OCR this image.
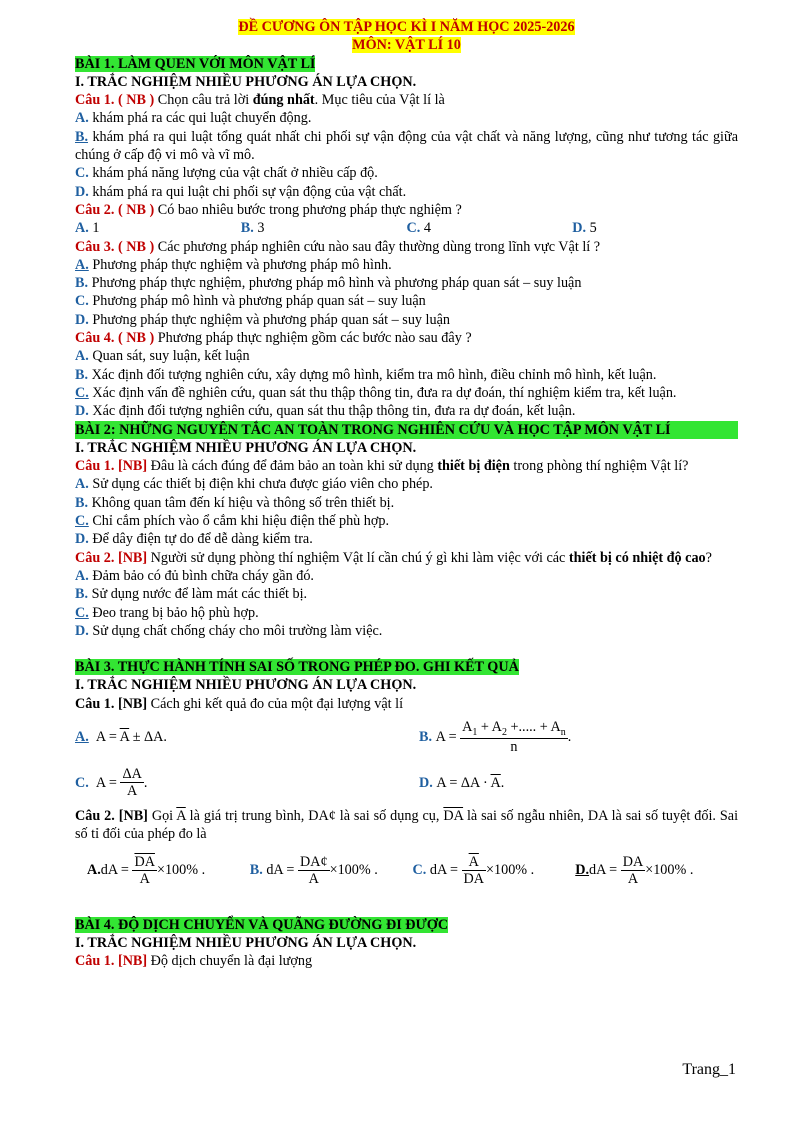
ĐỀ CƯƠNG ÔN TẬP HỌC KÌ I NĂM HỌC 2025-2026
MÔN: VẬT LÍ 10
BÀI 1. LÀM QUEN VỚI MÔN VẬT LÍ
I. TRẮC NGHIỆM NHIỀU PHƯƠNG ÁN LỰA CHỌN.
Câu 1. ( NB ) Chọn câu trả lời đúng nhất. Mục tiêu của Vật lí là
A. khám phá ra các qui luật chuyển động.
B. khám phá ra qui luật tổng quát nhất chi phối sự vận động của vật chất và năng lượng, cũng như tương tác giữa chúng ở cấp độ vi mô và vĩ mô.
C. khám phá năng lượng của vật chất ở nhiều cấp độ.
D. khám phá ra qui luật chi phối sự vận động của vật chất.
Câu 2. ( NB ) Có bao nhiêu bước trong phương pháp thực nghiệm ?
A. 1	B. 3	C. 4	D. 5
Câu 3. ( NB ) Các phương pháp nghiên cứu nào sau đây thường dùng trong lĩnh vực Vật lí ?
A. Phương pháp thực nghiệm và phương pháp mô hình.
B. Phương pháp thực nghiệm, phương pháp mô hình và phương pháp quan sát – suy luận
C. Phương pháp mô hình và phương pháp quan sát – suy luận
D. Phương pháp thực nghiệm và phương pháp quan sát – suy luận
Câu 4. ( NB ) Phương pháp thực nghiệm gồm các bước nào sau đây ?
A. Quan sát, suy luận, kết luận
B. Xác định đối tượng nghiên cứu, xây dựng mô hình, kiểm tra mô hình, điều chỉnh mô hình, kết luận.
C. Xác định vấn đề nghiên cứu, quan sát thu thập thông tin, đưa ra dự đoán, thí nghiệm kiểm tra, kết luận.
D. Xác định đối tượng nghiên cứu, quan sát thu thập thông tin, đưa ra dự đoán, kết luận.
BÀI 2: NHỮNG NGUYÊN TẮC AN TOÀN TRONG NGHIÊN CỨU VÀ HỌC TẬP MÔN VẬT LÍ
I. TRẮC NGHIỆM NHIỀU PHƯƠNG ÁN LỰA CHỌN.
Câu 1. [NB] Đâu là cách đúng để đảm bảo an toàn khi sử dụng thiết bị điện trong phòng thí nghiệm Vật lí?
A. Sử dụng các thiết bị điện khi chưa được giáo viên cho phép.
B. Không quan tâm đến kí hiệu và thông số trên thiết bị.
C. Chỉ cắm phích vào ổ cắm khi hiệu điện thế phù hợp.
D. Để dây điện tự do để dễ dàng kiểm tra.
Câu 2. [NB] Người sử dụng phòng thí nghiệm Vật lí cần chú ý gì khi làm việc với các thiết bị có nhiệt độ cao?
A. Đảm bảo có đủ bình chữa cháy gần đó.
B. Sử dụng nước để làm mát các thiết bị.
C. Đeo trang bị bảo hộ phù hợp.
D. Sử dụng chất chống cháy cho môi trường làm việc.
BÀI 3. THỰC HÀNH TÍNH SAI SỐ TRONG PHÉP ĐO. GHI KẾT QUẢ
I. TRẮC NGHIỆM NHIỀU PHƯƠNG ÁN LỰA CHỌN.
Câu 1. [NB] Cách ghi kết quả đo của một đại lượng vật lí
A.
$A = \overline{A} \pm \Delta A$.	B.
$A = \frac{A_1 + A_2 +..... + A_n}{n}$ .
C.
$A = \frac{\Delta A}{A}$ .	D.
$A = \Delta A \cdot \overline{A}$.
Câu 2. [NB] Gọi $\overline{A}$ là giá trị trung bình, DA¢ là sai số dụng cụ, $\overline{DA}$ là sai số ngẫu nhiên, DA là sai số tuyệt đối. Sai số tỉ đối của phép đo là
A. dA = $\frac{\overline{DA}}{A} \times 100\%$ .	B. dA = $\frac{DA¢}{A} \times 100\%$ .	C. dA = $\frac{\overline{A}}{DA} \times 100\%$ .	D. dA = $\frac{DA}{A} \times 100\%$ .
BÀI 4. ĐỘ DỊCH CHUYỂN VÀ QUÃNG ĐƯỜNG ĐI ĐƯỢC
I. TRẮC NGHIỆM NHIỀU PHƯƠNG ÁN LỰA CHỌN.
Câu 1. [NB] Độ dịch chuyển là đại lượng
Trang_1
